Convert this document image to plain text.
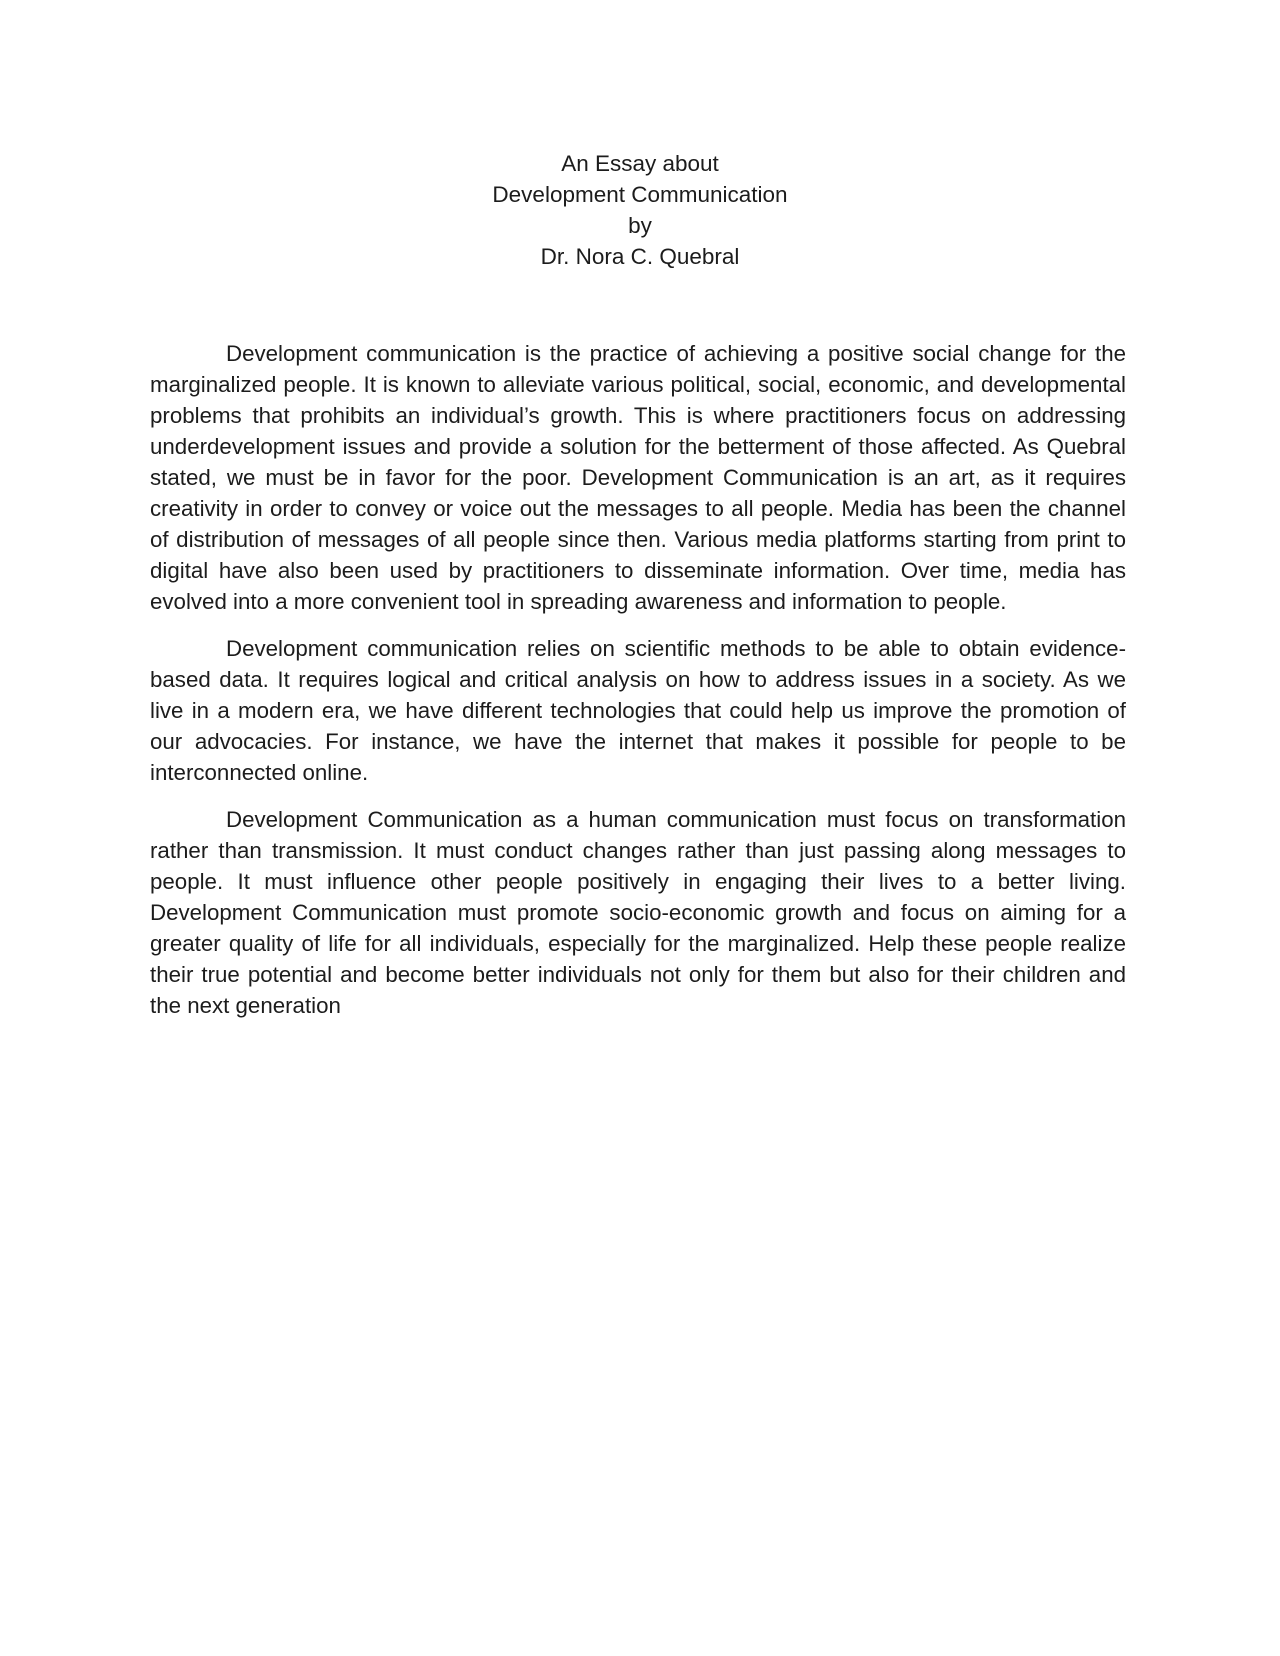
An Essay about
Development Communication
by
Dr. Nora C. Quebral

Development communication is the practice of achieving a positive social change for the marginalized people. It is known to alleviate various political, social, economic, and developmental problems that prohibits an individual’s growth. This is where practitioners focus on addressing underdevelopment issues and provide a solution for the betterment of those affected. As Quebral stated, we must be in favor for the poor. Development Communication is an art, as it requires creativity in order to convey or voice out the messages to all people. Media has been the channel of distribution of messages of all people since then. Various media platforms starting from print to digital have also been used by practitioners to disseminate information. Over time, media has evolved into a more convenient tool in spreading awareness and information to people.

Development communication relies on scientific methods to be able to obtain evidence-based data. It requires logical and critical analysis on how to address issues in a society. As we live in a modern era, we have different technologies that could help us improve the promotion of our advocacies. For instance, we have the internet that makes it possible for people to be interconnected online.

Development Communication as a human communication must focus on transformation rather than transmission. It must conduct changes rather than just passing along messages to people. It must influence other people positively in engaging their lives to a better living. Development Communication must promote socio-economic growth and focus on aiming for a greater quality of life for all individuals, especially for the marginalized. Help these people realize their true potential and become better individuals not only for them but also for their children and the next generation
